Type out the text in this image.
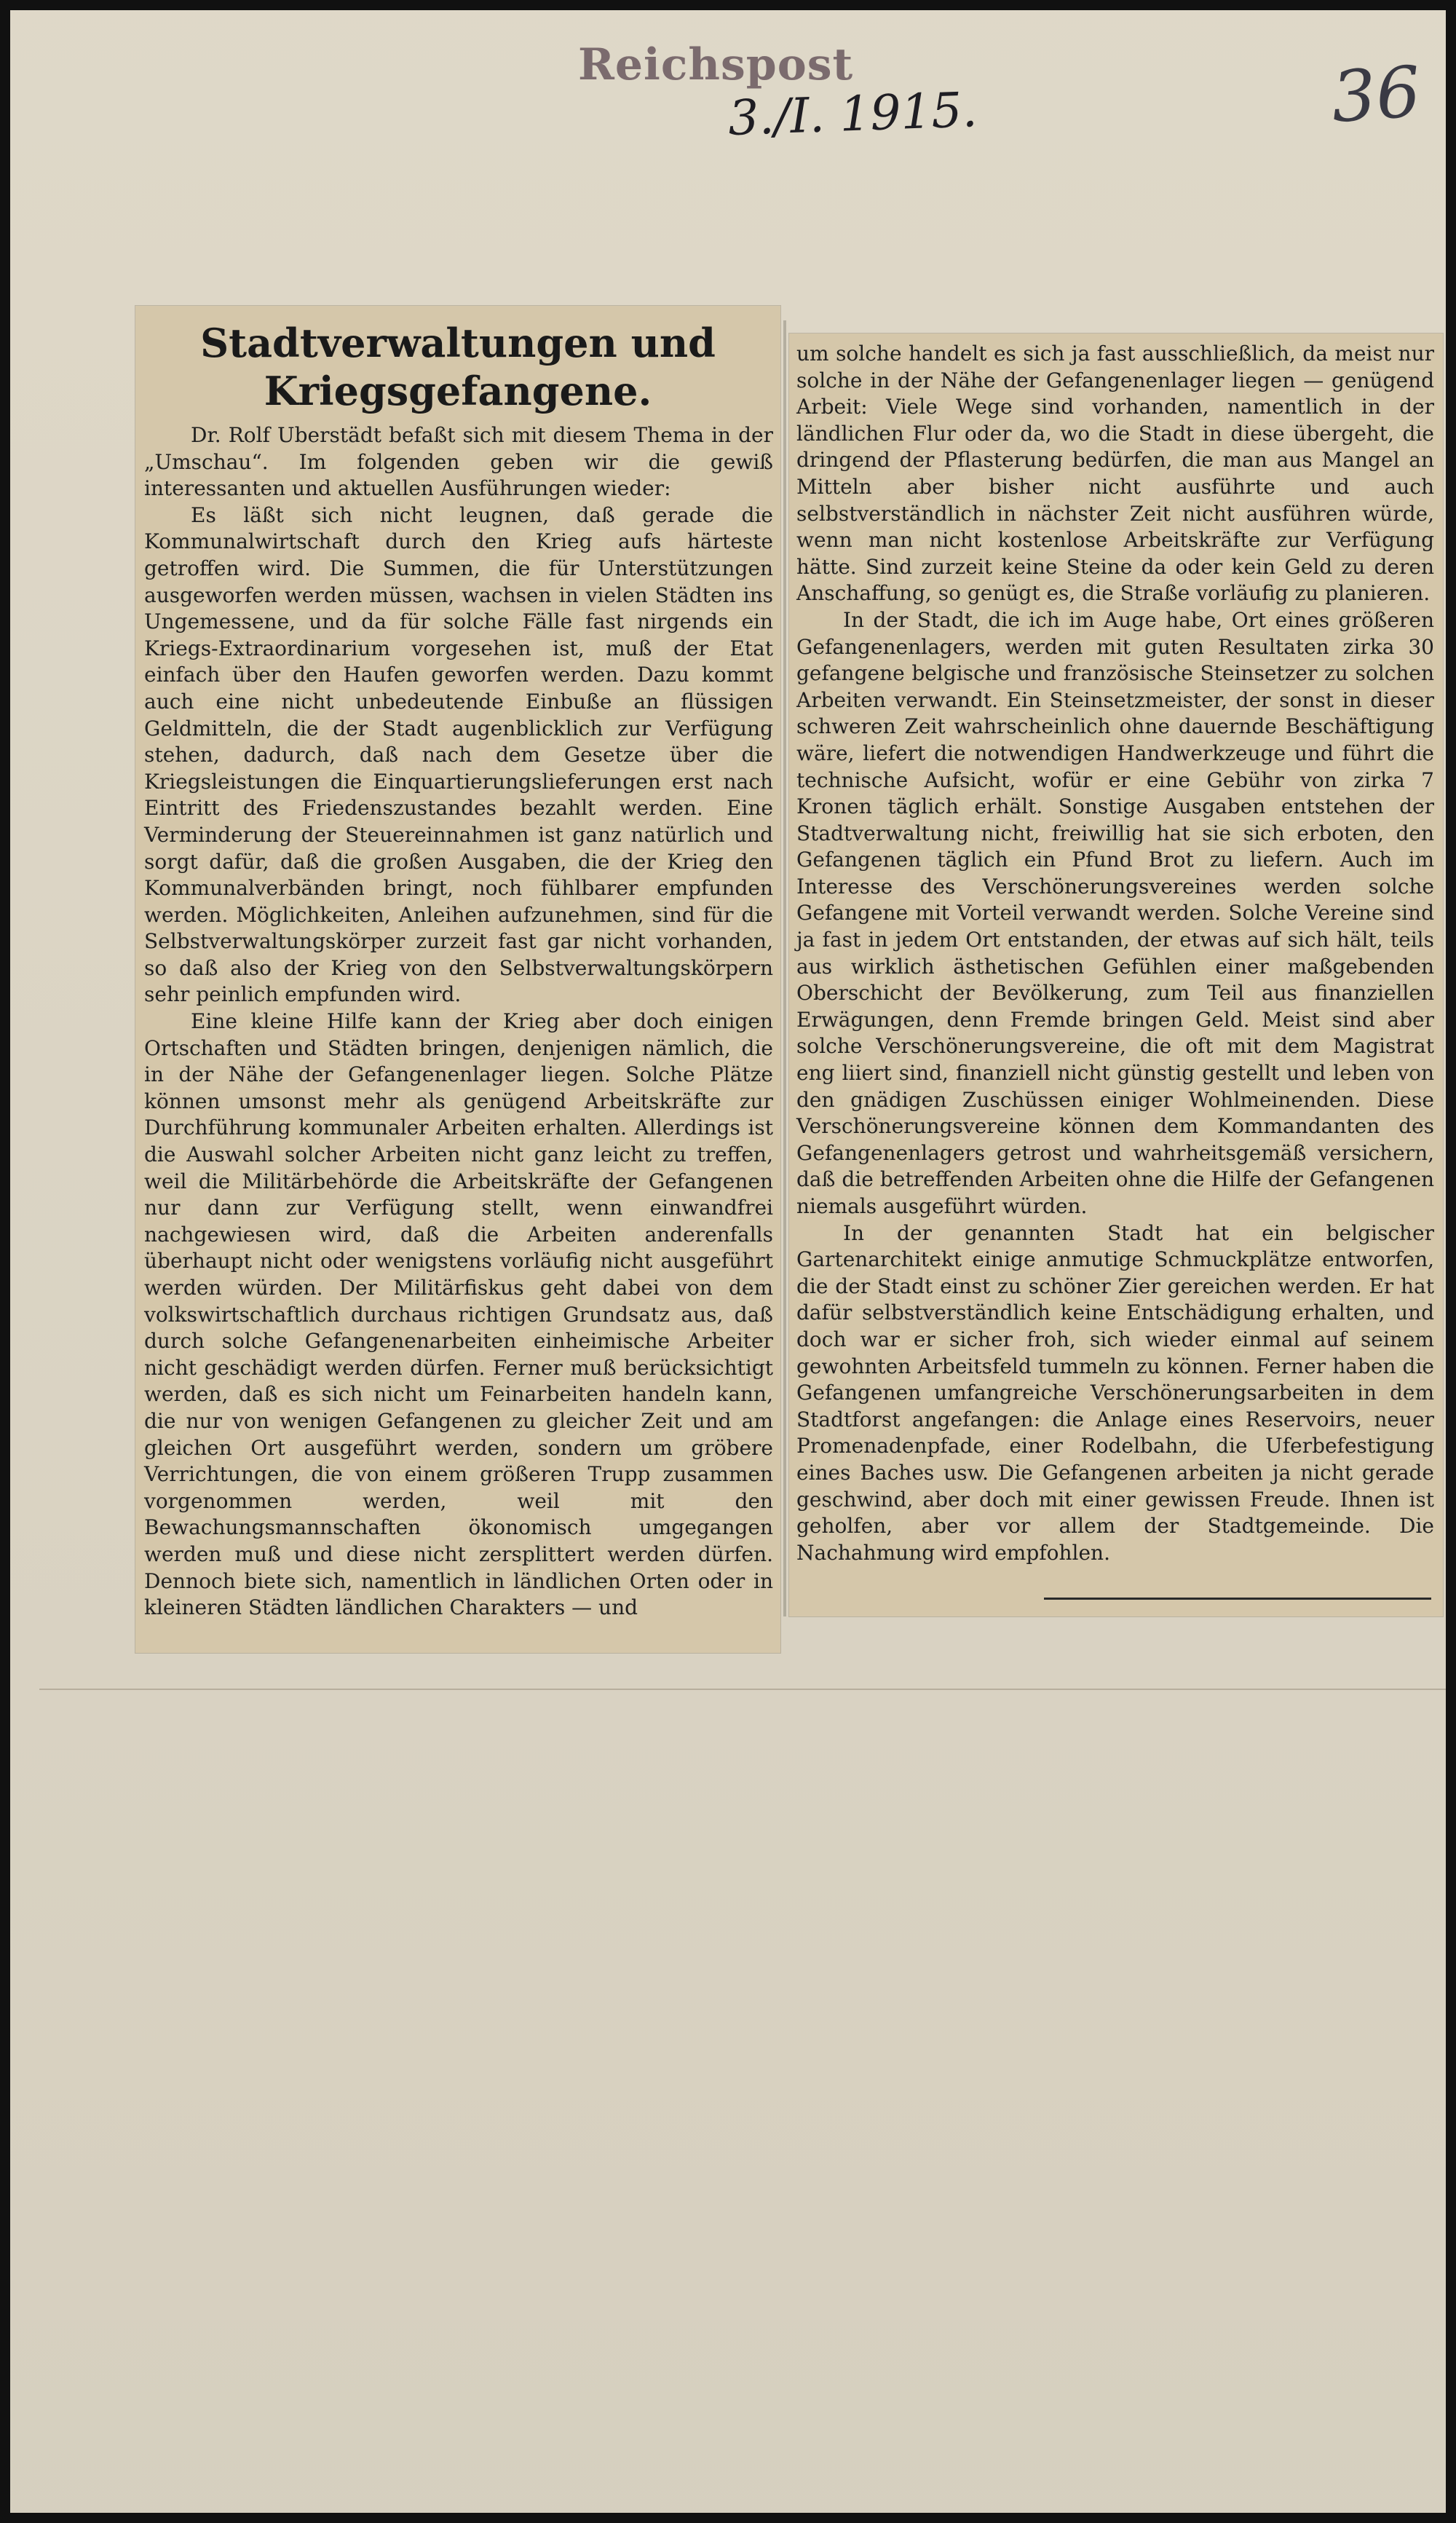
Reichspost
3./I. 1915.	36
Stadtverwaltungen und Kriegsgefangene.

Dr. Rolf Uberstädt befaßt sich mit diesem Thema in der „Umschau“. Im folgenden geben wir die gewiß interessanten und aktuellen Ausführungen wieder:

Es läßt sich nicht leugnen, daß gerade die Kommunalwirtschaft durch den Krieg aufs härteste getroffen wird. Die Summen, die für Unterstützungen ausgeworfen werden müssen, wachsen in vielen Städten ins Ungemessene, und da für solche Fälle fast nirgends ein Kriegs-Extraordinarium vorgesehen ist, muß der Etat einfach über den Haufen geworfen werden. Dazu kommt auch eine nicht unbedeutende Einbuße an flüssigen Geldmitteln, die der Stadt augenblicklich zur Verfügung stehen, dadurch, daß nach dem Gesetze über die Kriegsleistungen die Einquartierungslieferungen erst nach Eintritt des Friedenszustandes bezahlt werden. Eine Verminderung der Steuereinnahmen ist ganz natürlich und sorgt dafür, daß die großen Ausgaben, die der Krieg den Kommunalverbänden bringt, noch fühlbarer empfunden werden. Möglichkeiten, Anleihen aufzunehmen, sind für die Selbstverwaltungskörper zurzeit fast gar nicht vorhanden, so daß also der Krieg von den Selbstverwaltungskörpern sehr peinlich empfunden wird.

Eine kleine Hilfe kann der Krieg aber doch einigen Ortschaften und Städten bringen, denjenigen nämlich, die in der Nähe der Gefangenenlager liegen. Solche Plätze können umsonst mehr als genügend Arbeitskräfte zur Durchführung kommunaler Arbeiten erhalten. Allerdings ist die Auswahl solcher Arbeiten nicht ganz leicht zu treffen, weil die Militärbehörde die Arbeitskräfte der Gefangenen nur dann zur Verfügung stellt, wenn einwandfrei nachgewiesen wird, daß die Arbeiten anderenfalls überhaupt nicht oder wenigstens vorläufig nicht ausgeführt werden würden. Der Militärfiskus geht dabei von dem volkswirtschaftlich durchaus richtigen Grundsatz aus, daß durch solche Gefangenenarbeiten einheimische Arbeiter nicht geschädigt werden dürfen. Ferner muß berücksichtigt werden, daß es sich nicht um Feinarbeiten handeln kann, die nur von wenigen Gefangenen zu gleicher Zeit und am gleichen Ort ausgeführt werden, sondern um gröbere Verrichtungen, die von einem größeren Trupp zusammen vorgenommen werden, weil mit den Bewachungsmannschaften ökonomisch umgegangen werden muß und diese nicht zersplittert werden dürfen. Dennoch biete sich, namentlich in ländlichen Orten oder in kleineren Städten ländlichen Charakters — und

um solche handelt es sich ja fast ausschließlich, da meist nur solche in der Nähe der Gefangenenlager liegen — genügend Arbeit: Viele Wege sind vorhanden, namentlich in der ländlichen Flur oder da, wo die Stadt in diese übergeht, die dringend der Pflasterung bedürfen, die man aus Mangel an Mitteln aber bisher nicht ausführte und auch selbstverständlich in nächster Zeit nicht ausführen würde, wenn man nicht kostenlose Arbeitskräfte zur Verfügung hätte. Sind zurzeit keine Steine da oder kein Geld zu deren Anschaffung, so genügt es, die Straße vorläufig zu planieren.

In der Stadt, die ich im Auge habe, Ort eines größeren Gefangenenlagers, werden mit guten Resultaten zirka 30 gefangene belgische und französische Steinsetzer zu solchen Arbeiten verwandt. Ein Steinsetzmeister, der sonst in dieser schweren Zeit wahrscheinlich ohne dauernde Beschäftigung wäre, liefert die notwendigen Handwerkzeuge und führt die technische Aufsicht, wofür er eine Gebühr von zirka 7 Kronen täglich erhält. Sonstige Ausgaben entstehen der Stadtverwaltung nicht, freiwillig hat sie sich erboten, den Gefangenen täglich ein Pfund Brot zu liefern. Auch im Interesse des Verschönerungsvereines werden solche Gefangene mit Vorteil verwandt werden. Solche Vereine sind ja fast in jedem Ort entstanden, der etwas auf sich hält, teils aus wirklich ästhetischen Gefühlen einer maßgebenden Oberschicht der Bevölkerung, zum Teil aus finanziellen Erwägungen, denn Fremde bringen Geld. Meist sind aber solche Verschönerungsvereine, die oft mit dem Magistrat eng liiert sind, finanziell nicht günstig gestellt und leben von den gnädigen Zuschüssen einiger Wohlmeinenden. Diese Verschönerungsvereine können dem Kommandanten des Gefangenenlagers getrost und wahrheitsgemäß versichern, daß die betreffenden Arbeiten ohne die Hilfe der Gefangenen niemals ausgeführt würden.

In der genannten Stadt hat ein belgischer Gartenarchitekt einige anmutige Schmuckplätze entworfen, die der Stadt einst zu schöner Zier gereichen werden. Er hat dafür selbstverständlich keine Entschädigung erhalten, und doch war er sicher froh, sich wieder einmal auf seinem gewohnten Arbeitsfeld tummeln zu können. Ferner haben die Gefangenen umfangreiche Verschönerungsarbeiten in dem Stadtforst angefangen: die Anlage eines Reservoirs, neuer Promenadenpfade, einer Rodelbahn, die Uferbefestigung eines Baches usw. Die Gefangenen arbeiten ja nicht gerade geschwind, aber doch mit einer gewissen Freude. Ihnen ist geholfen, aber vor allem der Stadtgemeinde. Die Nachahmung wird empfohlen.
